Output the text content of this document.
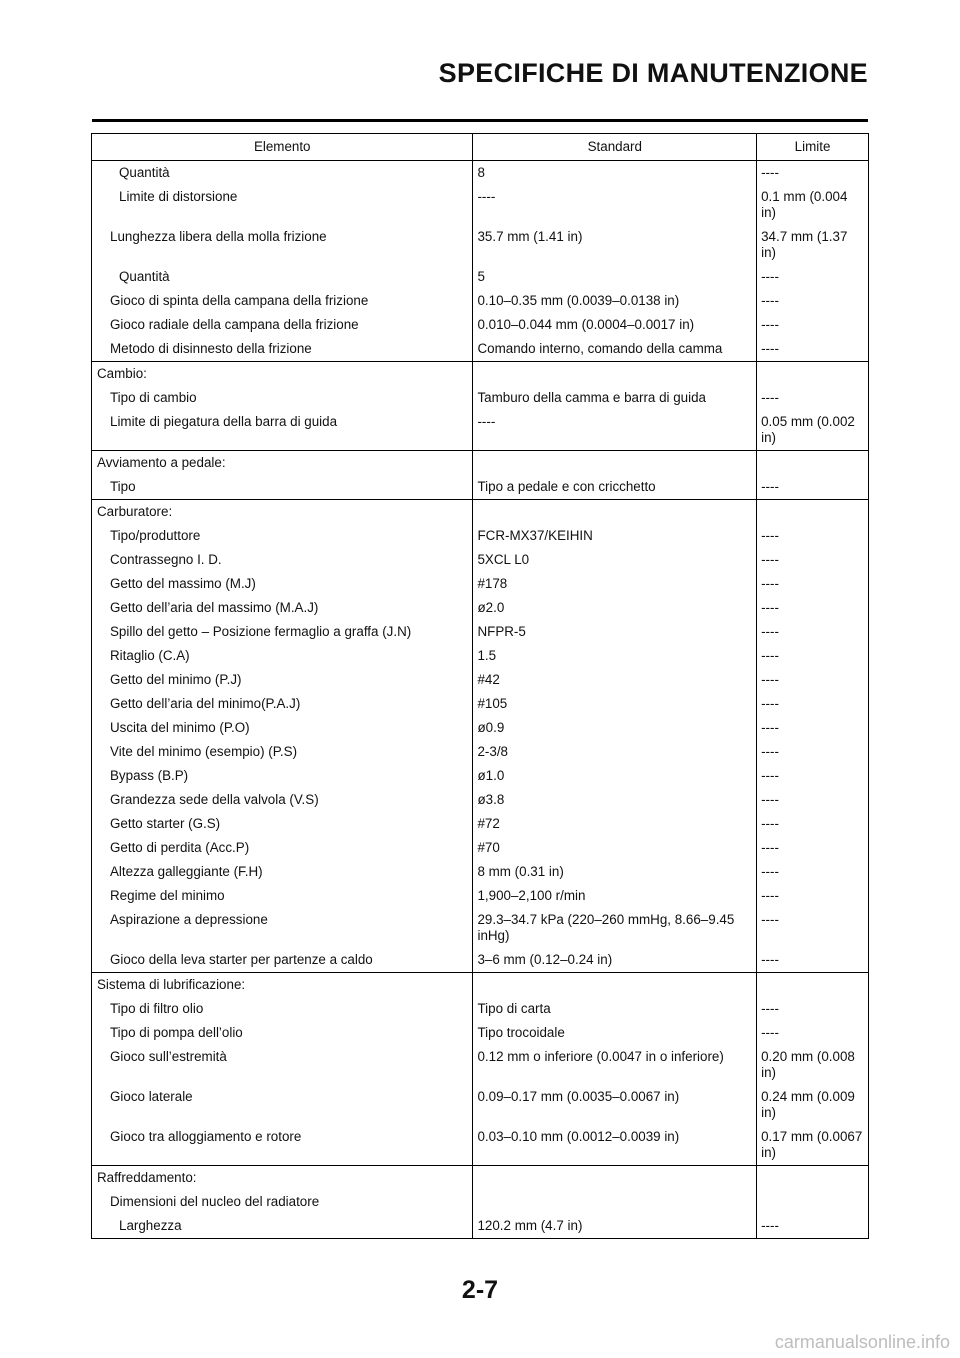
SPECIFICHE DI MANUTENZIONE
Elemento	Standard	Limite
Quantità	8	----
Limite di distorsione	----	0.1 mm (0.004 in)
Lunghezza libera della molla frizione	35.7 mm (1.41 in)	34.7 mm (1.37 in)
Quantità	5	----
Gioco di spinta della campana della frizione	0.10–0.35 mm (0.0039–0.0138 in)	----
Gioco radiale della campana della frizione	0.010–0.044 mm (0.0004–0.0017 in)	----
Metodo di disinnesto della frizione	Comando interno, comando della camma	----
Cambio:		
Tipo di cambio	Tamburo della camma e barra di guida	----
Limite di piegatura della barra di guida	----	0.05 mm (0.002 in)
Avviamento a pedale:		
Tipo	Tipo a pedale e con cricchetto	----
Carburatore:		
Tipo/produttore	FCR-MX37/KEIHIN	----
Contrassegno I. D.	5XCL L0	----
Getto del massimo (M.J)	#178	----
Getto dell’aria del massimo (M.A.J)	ø2.0	----
Spillo del getto – Posizione fermaglio a graffa (J.N)	NFPR-5	----
Ritaglio (C.A)	1.5	----
Getto del minimo (P.J)	#42	----
Getto dell’aria del minimo(P.A.J)	#105	----
Uscita del minimo (P.O)	ø0.9	----
Vite del minimo (esempio) (P.S)	2-3/8	----
Bypass (B.P)	ø1.0	----
Grandezza sede della valvola (V.S)	ø3.8	----
Getto starter (G.S)	#72	----
Getto di perdita (Acc.P)	#70	----
Altezza galleggiante (F.H)	8 mm (0.31 in)	----
Regime del minimo	1,900–2,100 r/min	----
Aspirazione a depressione	29.3–34.7 kPa (220–260 mmHg, 8.66–9.45 inHg)	----
Gioco della leva starter per partenze a caldo	3–6 mm (0.12–0.24 in)	----
Sistema di lubrificazione:		
Tipo di filtro olio	Tipo di carta	----
Tipo di pompa dell’olio	Tipo trocoidale	----
Gioco sull’estremità	0.12 mm o inferiore (0.0047 in o inferiore)	0.20 mm (0.008 in)
Gioco laterale	0.09–0.17 mm (0.0035–0.0067 in)	0.24 mm (0.009 in)
Gioco tra alloggiamento e rotore	0.03–0.10 mm (0.0012–0.0039 in)	0.17 mm (0.0067 in)
Raffreddamento:		
Dimensioni del nucleo del radiatore		
Larghezza	120.2 mm (4.7 in)	----
2-7
carmanualsonline.info
